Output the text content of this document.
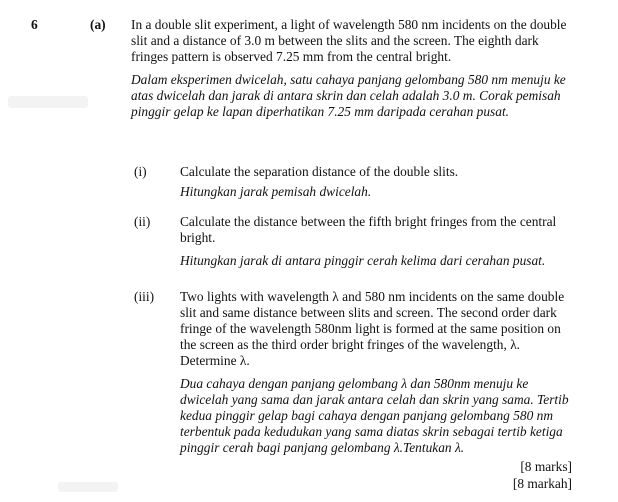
6	(a) In a double slit experiment, a light of wavelength 580 nm incidents on the double slit and a distance of 3.0 m between the slits and the screen. The eighth dark fringes pattern is observed 7.25 mm from the central bright.
Dalam eksperimen dwicelah, satu cahaya panjang gelombang 580 nm menuju ke atas dwicelah dan jarak di antara skrin dan celah adalah 3.0 m. Corak pemisah pinggir gelap ke lapan diperhatikan 7.25 mm daripada cerahan pusat.
(i) Calculate the separation distance of the double slits.
Hitungkan jarak pemisah dwicelah.
(ii) Calculate the distance between the fifth bright fringes from the central bright.
Hitungkan jarak di antara pinggir cerah kelima dari cerahan pusat.
(iii) Two lights with wavelength λ and 580 nm incidents on the same double slit and same distance between slits and screen. The second order dark fringe of the wavelength 580nm light is formed at the same position on the screen as the third order bright fringes of the wavelength, λ. Determine λ.
Dua cahaya dengan panjang gelombang λ dan 580nm menuju ke dwicelah yang sama dan jarak antara celah dan skrin yang sama. Tertib kedua pinggir gelap bagi cahaya dengan panjang gelombang 580 nm terbentuk pada kedudukan yang sama diatas skrin sebagai tertib ketiga pinggir cerah bagi panjang gelombang λ.Tentukan λ.
[8 marks]
[8 markah]
